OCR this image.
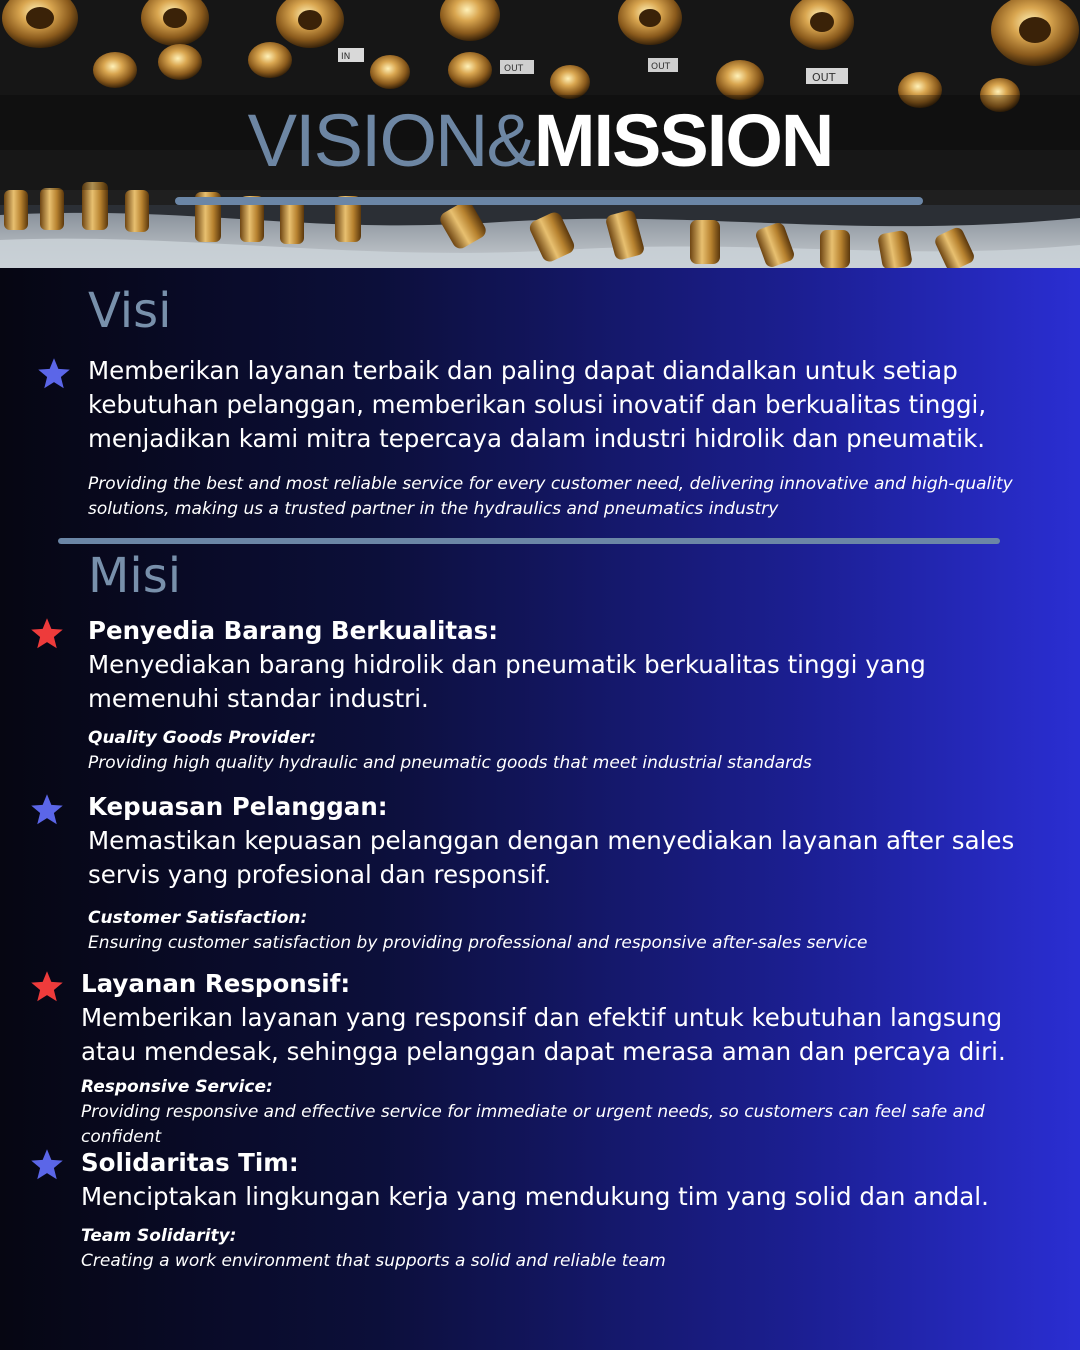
OUT
IN
OUT	OUT
VISION&MISSION
Visi

Memberikan layanan terbaik dan paling dapat diandalkan untuk setiap kebutuhan pelanggan, memberikan solusi inovatif dan berkualitas tinggi, menjadikan kami mitra tepercaya dalam industri hidrolik dan pneumatik.

Providing the best and most reliable service for every customer need, delivering innovative and high-quality solutions, making us a trusted partner in the hydraulics and pneumatics industry

Misi

Penyedia Barang Berkualitas:

Menyediakan barang hidrolik dan pneumatik berkualitas tinggi yang memenuhi standar industri.

Quality Goods Provider:

Providing high quality hydraulic and pneumatic goods that meet industrial standards

Kepuasan Pelanggan:

Memastikan kepuasan pelanggan dengan menyediakan layanan after sales servis yang profesional dan responsif.

Customer Satisfaction:

Ensuring customer satisfaction by providing professional and responsive after-sales service

Layanan Responsif:

Memberikan layanan yang responsif dan efektif untuk kebutuhan langsung atau mendesak, sehingga pelanggan dapat merasa aman dan percaya diri.

Responsive Service:

Providing responsive and effective service for immediate or urgent needs, so customers can feel safe and confident

Solidaritas Tim:

Menciptakan lingkungan kerja yang mendukung tim yang solid dan andal.

Team Solidarity:

Creating a work environment that supports a solid and reliable team
